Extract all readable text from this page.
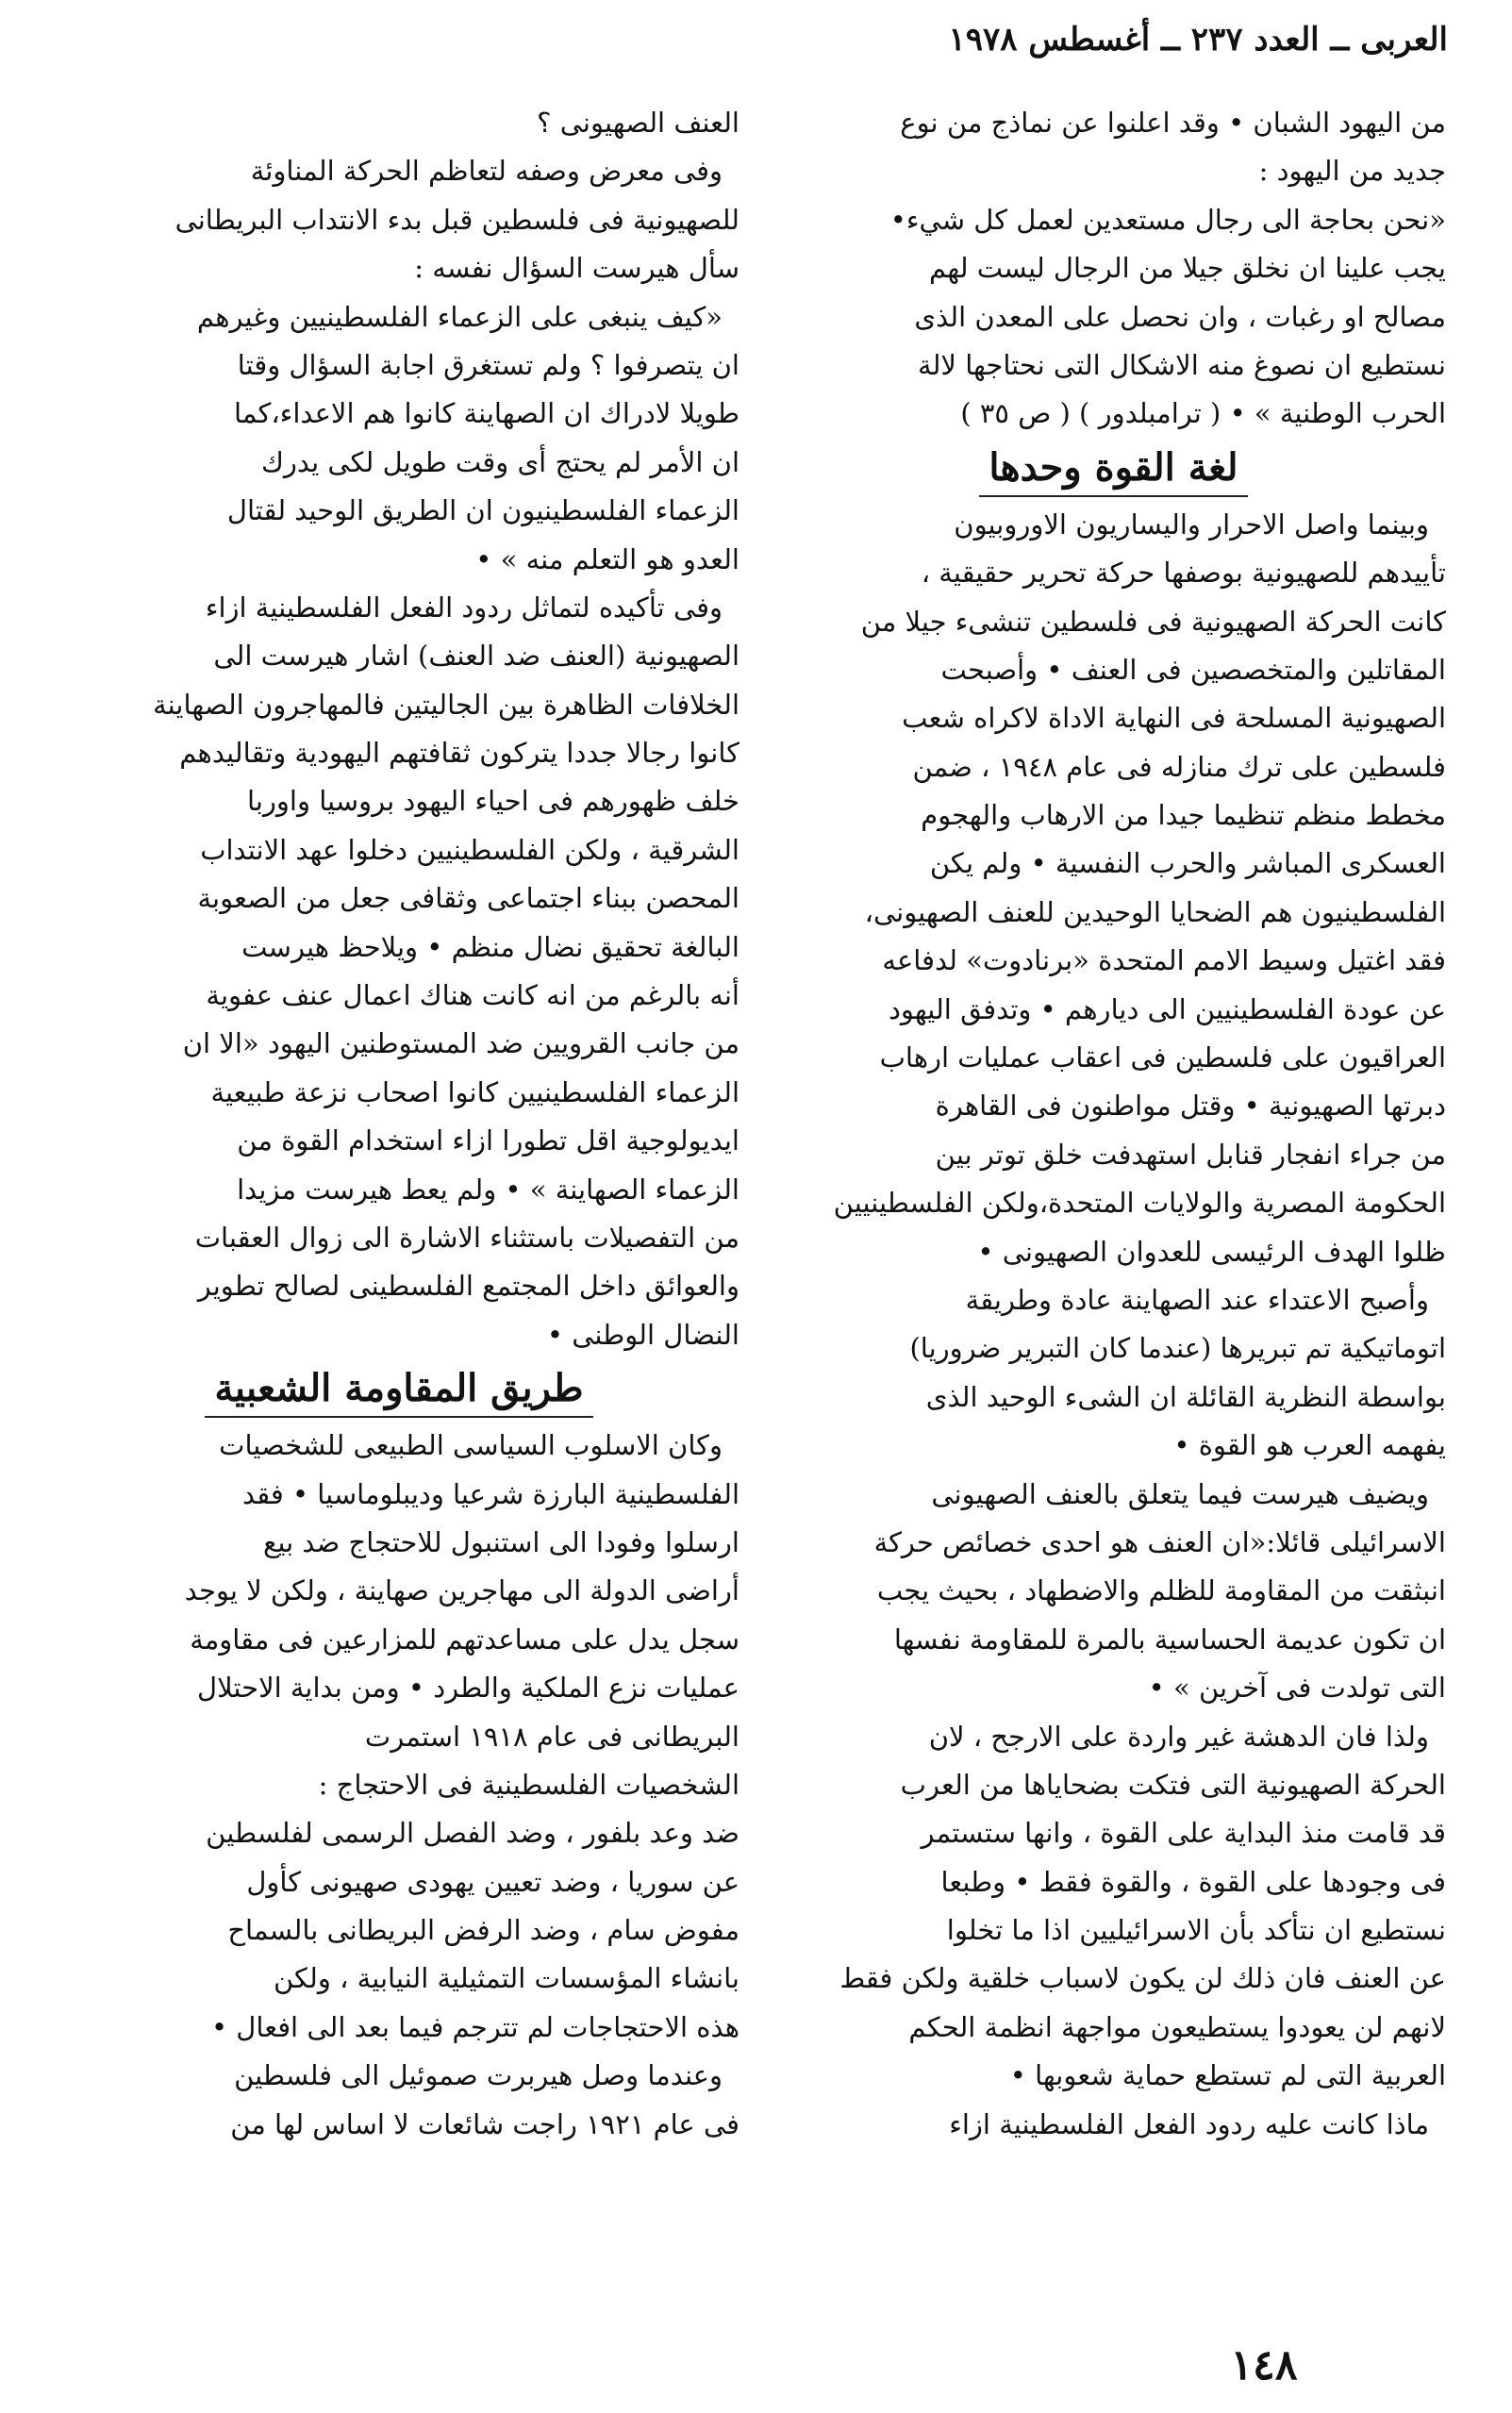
العربى ــ العدد ٢٣٧ ــ أغسطس ١٩٧٨
من اليهود الشبان • وقد اعلنوا عن نماذج من نوع
جديد من اليهود :
«نحن بحاجة الى رجال مستعدين لعمل كل شيء•
يجب علينا ان نخلق جيلا من الرجال ليست لهم
مصالح او رغبات ، وان نحصل على المعدن الذى
نستطيع ان نصوغ منه الاشكال التى نحتاجها لالة
الحرب الوطنية » • ( ترامبلدور ) ( ص ٣٥ )
لغة القوة وحدها
وبينما واصل الاحرار واليساريون الاوروبيون
تأييدهم للصهيونية بوصفها حركة تحرير حقيقية ،
كانت الحركة الصهيونية فى فلسطين تنشىء جيلا من
المقاتلين والمتخصصين فى العنف • وأصبحت
الصهيونية المسلحة فى النهاية الاداة لاكراه شعب
فلسطين على ترك منازله فى عام ١٩٤٨ ، ضمن
مخطط منظم تنظيما جيدا من الارهاب والهجوم
العسكرى المباشر والحرب النفسية • ولم يكن
الفلسطينيون هم الضحايا الوحيدين للعنف الصهيونى،
فقد اغتيل وسيط الامم المتحدة «برنادوت» لدفاعه
عن عودة الفلسطينيين الى ديارهم • وتدفق اليهود
العراقيون على فلسطين فى اعقاب عمليات ارهاب
دبرتها الصهيونية • وقتل مواطنون فى القاهرة
من جراء انفجار قنابل استهدفت خلق توتر بين
الحكومة المصرية والولايات المتحدة،ولكن الفلسطينيين
ظلوا الهدف الرئيسى للعدوان الصهيونى •
وأصبح الاعتداء عند الصهاينة عادة وطريقة
اتوماتيكية تم تبريرها (عندما كان التبرير ضروريا)
بواسطة النظرية القائلة ان الشىء الوحيد الذى
يفهمه العرب هو القوة •
ويضيف هيرست فيما يتعلق بالعنف الصهيونى
الاسرائيلى قائلا:«ان العنف هو احدى خصائص حركة
انبثقت من المقاومة للظلم والاضطهاد ، بحيث يجب
ان تكون عديمة الحساسية بالمرة للمقاومة نفسها
التى تولدت فى آخرين » •
ولذا فان الدهشة غير واردة على الارجح ، لان
الحركة الصهيونية التى فتكت بضحاياها من العرب
قد قامت منذ البداية على القوة ، وانها ستستمر
فى وجودها على القوة ، والقوة فقط • وطبعا
نستطيع ان نتأكد بأن الاسرائيليين اذا ما تخلوا
عن العنف فان ذلك لن يكون لاسباب خلقية ولكن فقط
لانهم لن يعودوا يستطيعون مواجهة انظمة الحكم
العربية التى لم تستطع حماية شعوبها •
ماذا كانت عليه ردود الفعل الفلسطينية ازاء
العنف الصهيونى ؟
وفى معرض وصفه لتعاظم الحركة المناوئة
للصهيونية فى فلسطين قبل بدء الانتداب البريطانى
سأل هيرست السؤال نفسه :
«كيف ينبغى على الزعماء الفلسطينيين وغيرهم
ان يتصرفوا ؟ ولم تستغرق اجابة السؤال وقتا
طويلا لادراك ان الصهاينة كانوا هم الاعداء،كما
ان الأمر لم يحتج أى وقت طويل لكى يدرك
الزعماء الفلسطينيون ان الطريق الوحيد لقتال
العدو هو التعلم منه » •
وفى تأكيده لتماثل ردود الفعل الفلسطينية ازاء
الصهيونية (العنف ضد العنف) اشار هيرست الى
الخلافات الظاهرة بين الجاليتين فالمهاجرون الصهاينة
كانوا رجالا جددا يتركون ثقافتهم اليهودية وتقاليدهم
خلف ظهورهم فى احياء اليهود بروسيا واوربا
الشرقية ، ولكن الفلسطينيين دخلوا عهد الانتداب
المحصن ببناء اجتماعى وثقافى جعل من الصعوبة
البالغة تحقيق نضال منظم • ويلاحظ هيرست
أنه بالرغم من انه كانت هناك اعمال عنف عفوية
من جانب القرويين ضد المستوطنين اليهود «الا ان
الزعماء الفلسطينيين كانوا اصحاب نزعة طبيعية
ايديولوجية اقل تطورا ازاء استخدام القوة من
الزعماء الصهاينة » • ولم يعط هيرست مزيدا
من التفصيلات باستثناء الاشارة الى زوال العقبات
والعوائق داخل المجتمع الفلسطينى لصالح تطوير
النضال الوطنى •
طريق المقاومة الشعبية
وكان الاسلوب السياسى الطبيعى للشخصيات
الفلسطينية البارزة شرعيا وديبلوماسيا • فقد
ارسلوا وفودا الى استنبول للاحتجاج ضد بيع
أراضى الدولة الى مهاجرين صهاينة ، ولكن لا يوجد
سجل يدل على مساعدتهم للمزارعين فى مقاومة
عمليات نزع الملكية والطرد • ومن بداية الاحتلال
البريطانى فى عام ١٩١٨ استمرت
الشخصيات الفلسطينية فى الاحتجاج :
ضد وعد بلفور ، وضد الفصل الرسمى لفلسطين
عن سوريا ، وضد تعيين يهودى صهيونى كأول
مفوض سام ، وضد الرفض البريطانى بالسماح
بانشاء المؤسسات التمثيلية النيابية ، ولكن
هذه الاحتجاجات لم تترجم فيما بعد الى افعال •
وعندما وصل هيربرت صموئيل الى فلسطين
فى عام ١٩٢١ راجت شائعات لا اساس لها من
١٤٨
